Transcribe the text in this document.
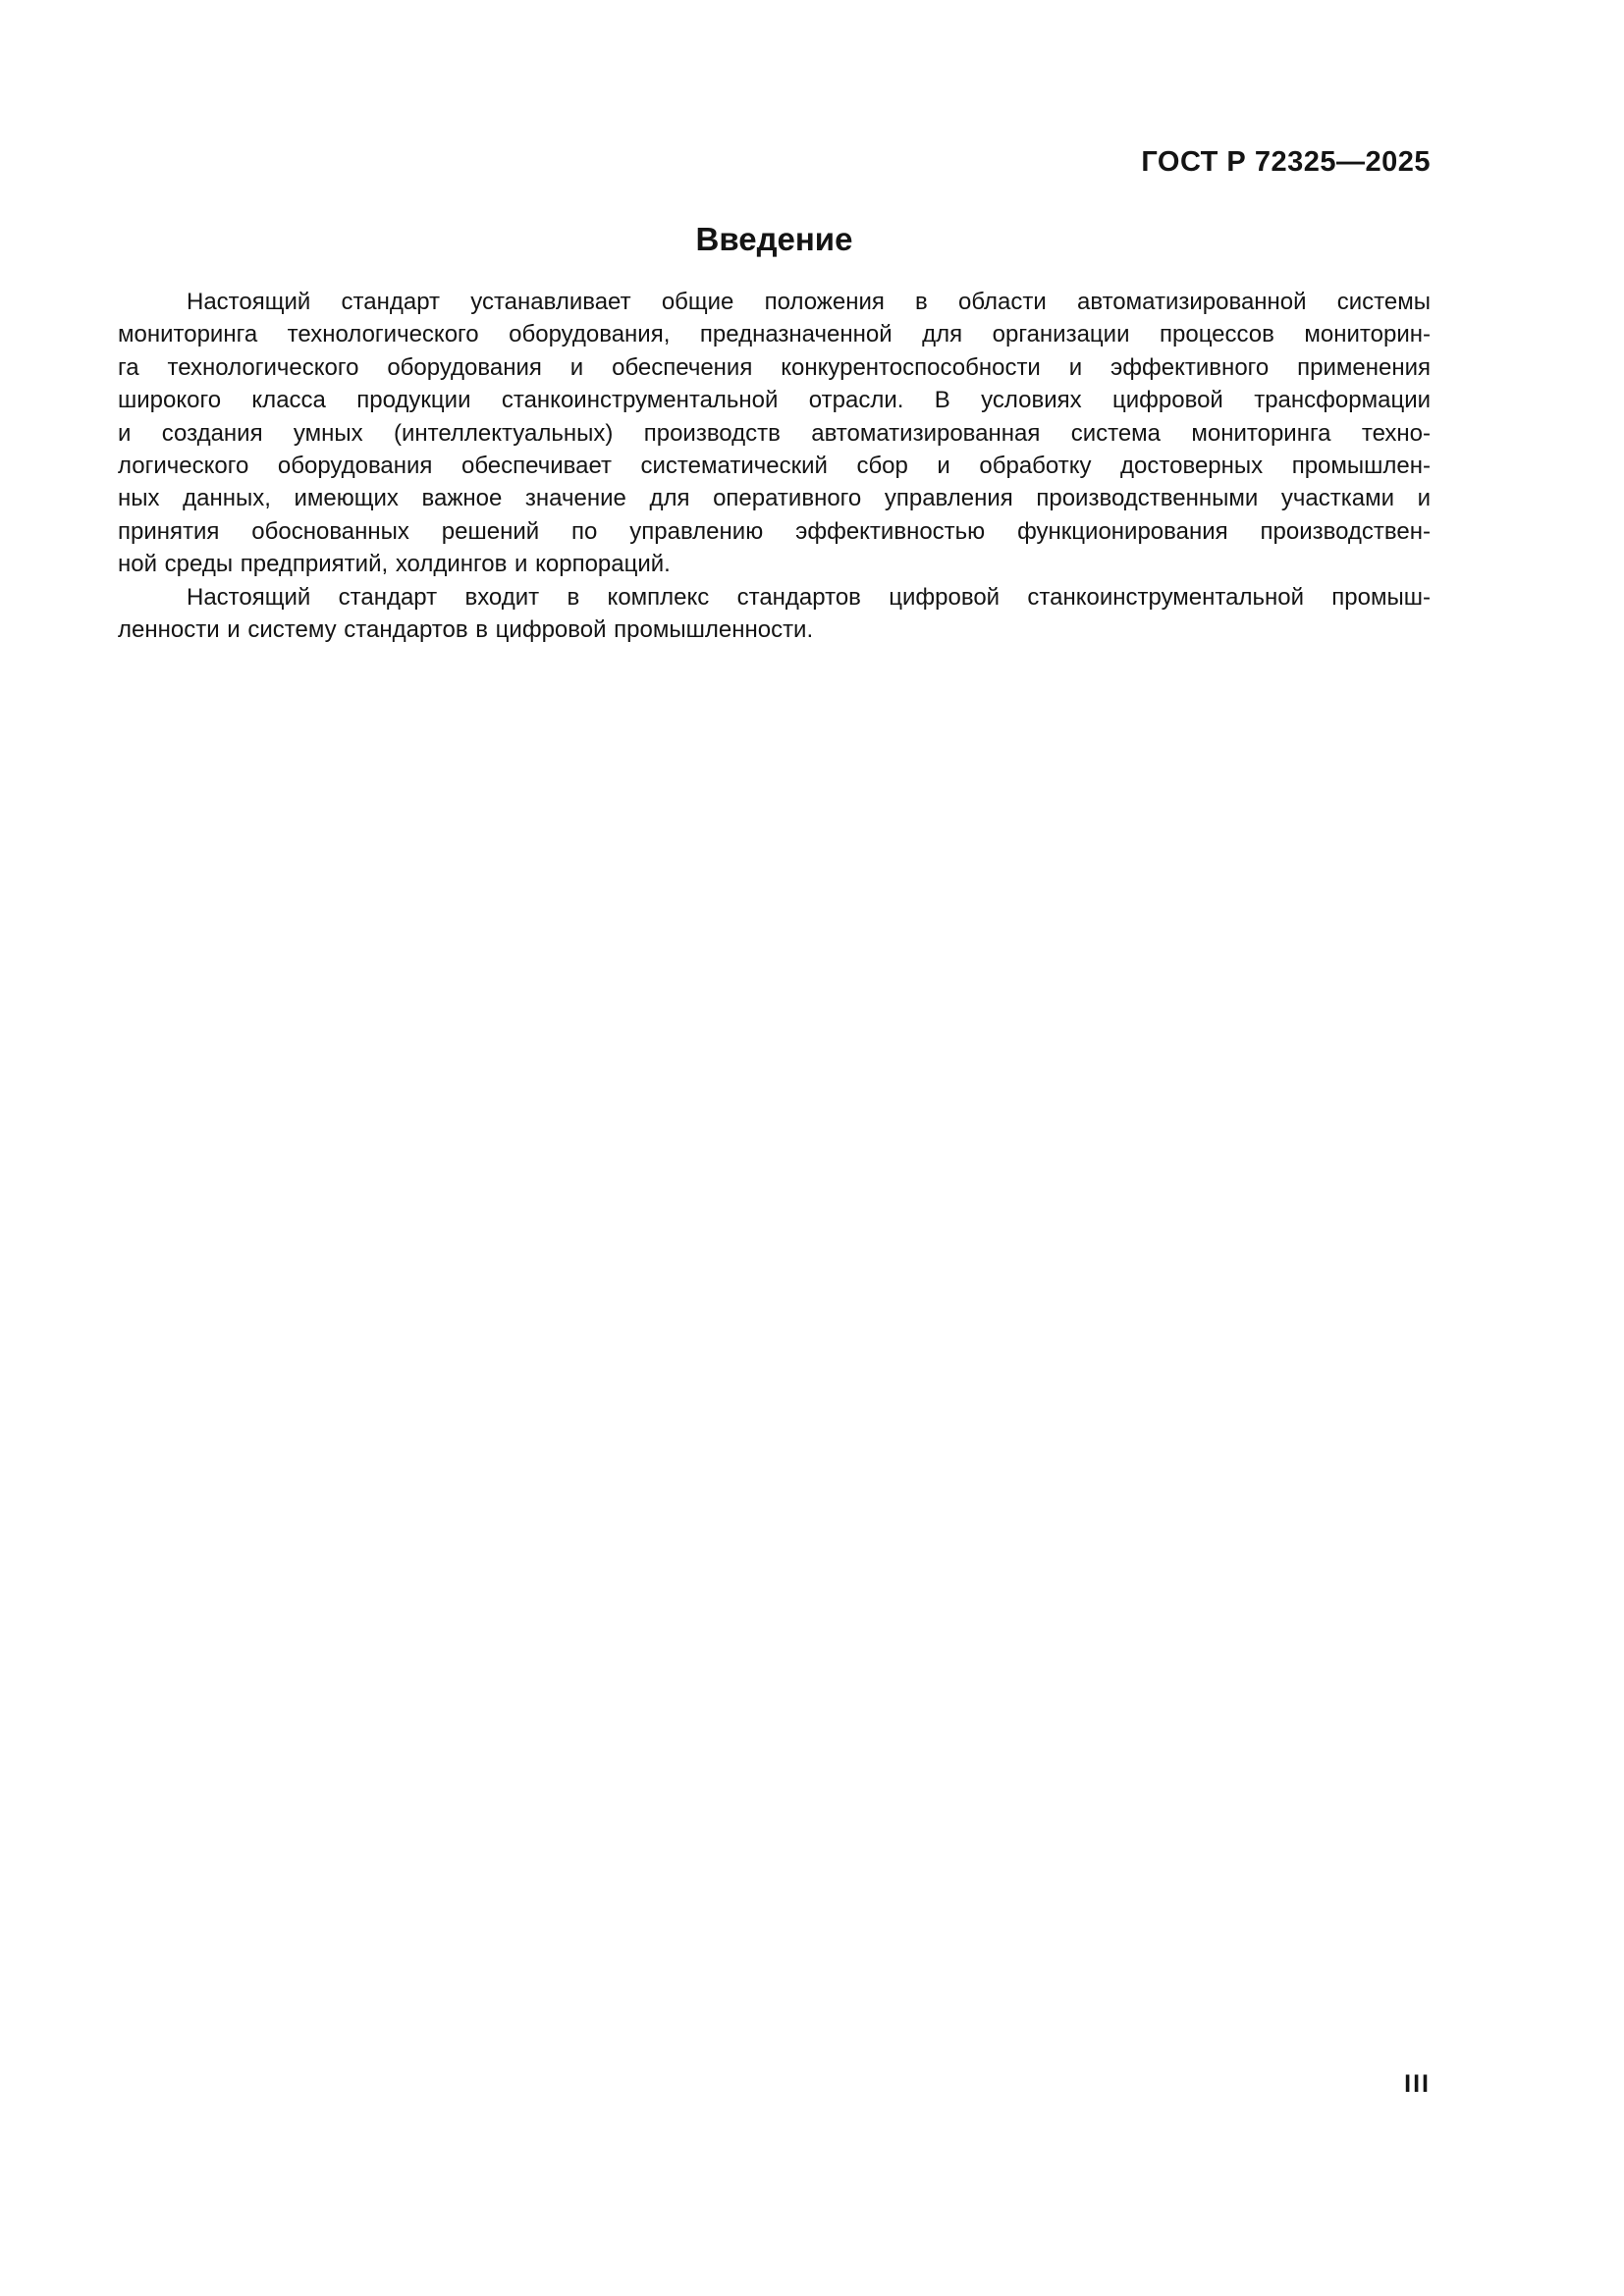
ГОСТ Р 72325—2025
Введение
Настоящий стандарт устанавливает общие положения в области автоматизированной системы
мониторинга технологического оборудования, предназначенной для организации процессов мониторин-
га технологического оборудования и обеспечения конкурентоспособности и эффективного применения
широкого класса продукции станкоинструментальной отрасли. В условиях цифровой трансформации
и создания умных (интеллектуальных) производств автоматизированная система мониторинга техно-
логического оборудования обеспечивает систематический сбор и обработку достоверных промышлен-
ных данных, имеющих важное значение для оперативного управления производственными участками и
принятия обоснованных решений по управлению эффективностью функционирования производствен-
ной среды предприятий, холдингов и корпораций.
Настоящий стандарт входит в комплекс стандартов цифровой станкоинструментальной промыш-
ленности и систему стандартов в цифровой промышленности.
III
